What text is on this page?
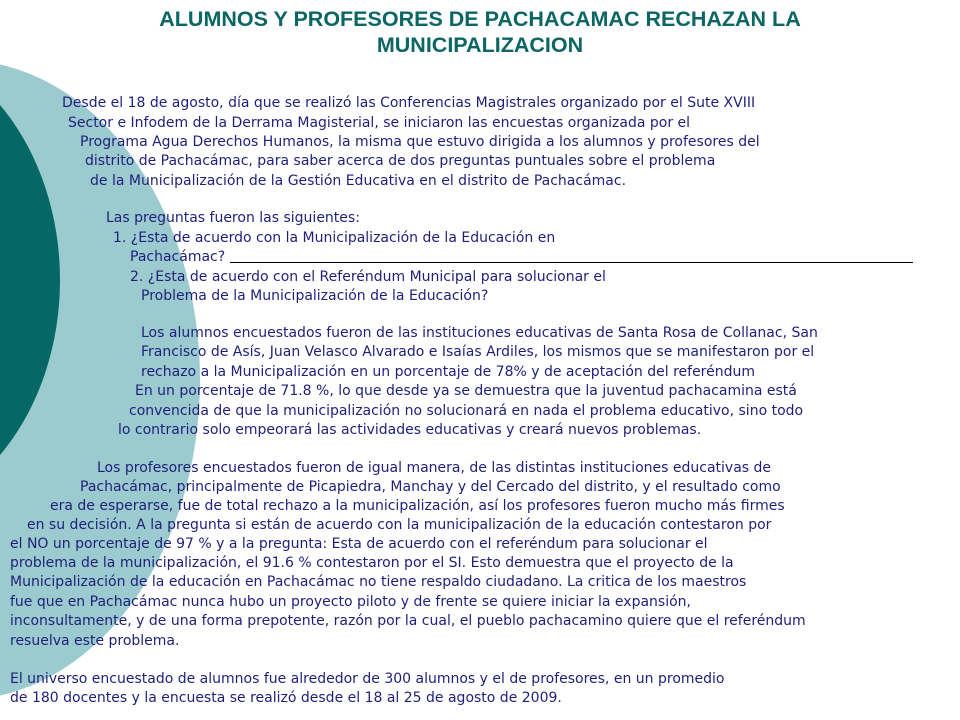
ALUMNOS Y PROFESORES DE PACHACAMAC RECHAZAN LA
MUNICIPALIZACION
Desde el 18 de agosto, día que se realizó las Conferencias Magistrales organizado por el Sute XVIII
Sector e Infodem de la Derrama Magisterial, se iniciaron las encuestas organizada por el
Programa Agua Derechos Humanos, la misma que estuvo dirigida a los alumnos y profesores del
distrito de Pachacámac, para saber acerca de dos preguntas puntuales sobre el problema
de la Municipalización de la Gestión Educativa en el distrito de Pachacámac.
Las preguntas fueron las siguientes:
1. ¿Esta de acuerdo con la Municipalización de la Educación en
Pachacámac?
2. ¿Esta de acuerdo con el Referéndum Municipal para solucionar el
Problema de la Municipalización de la Educación?
Los alumnos encuestados fueron de las instituciones educativas de Santa Rosa de Collanac, San
Francisco de Asís, Juan Velasco Alvarado e Isaías Ardiles, los mismos que se manifestaron por el
rechazo a la Municipalización en un porcentaje de 78% y de aceptación del referéndum
En un porcentaje de 71.8 %, lo que desde ya se demuestra que la juventud pachacamina está
convencida de que la municipalización no solucionará en nada el problema educativo, sino todo
lo contrario solo empeorará las actividades educativas y creará nuevos problemas.
Los profesores encuestados fueron de igual manera, de las distintas instituciones educativas de
Pachacámac, principalmente de Picapiedra, Manchay y del Cercado del distrito, y el resultado como
era de esperarse, fue de total rechazo a la municipalización, así los profesores fueron mucho más firmes
en su decisión. A la pregunta si están de acuerdo con la municipalización de la educación contestaron por
el NO un porcentaje de 97 % y a la pregunta: Esta de acuerdo con el referéndum para solucionar el
problema de la municipalización, el 91.6 % contestaron por el SI. Esto demuestra que el proyecto de la
Municipalización de la educación en Pachacámac no tiene respaldo ciudadano. La critica de los maestros
fue que en Pachacámac nunca hubo un proyecto piloto y de frente se quiere iniciar la expansión,
inconsultamente, y de una forma prepotente, razón por la cual, el pueblo pachacamino quiere que el referéndum
resuelva este problema.
El universo encuestado de alumnos fue alrededor de 300 alumnos y el de profesores, en un promedio
de 180 docentes y la encuesta se realizó desde el 18 al 25 de agosto de 2009.
